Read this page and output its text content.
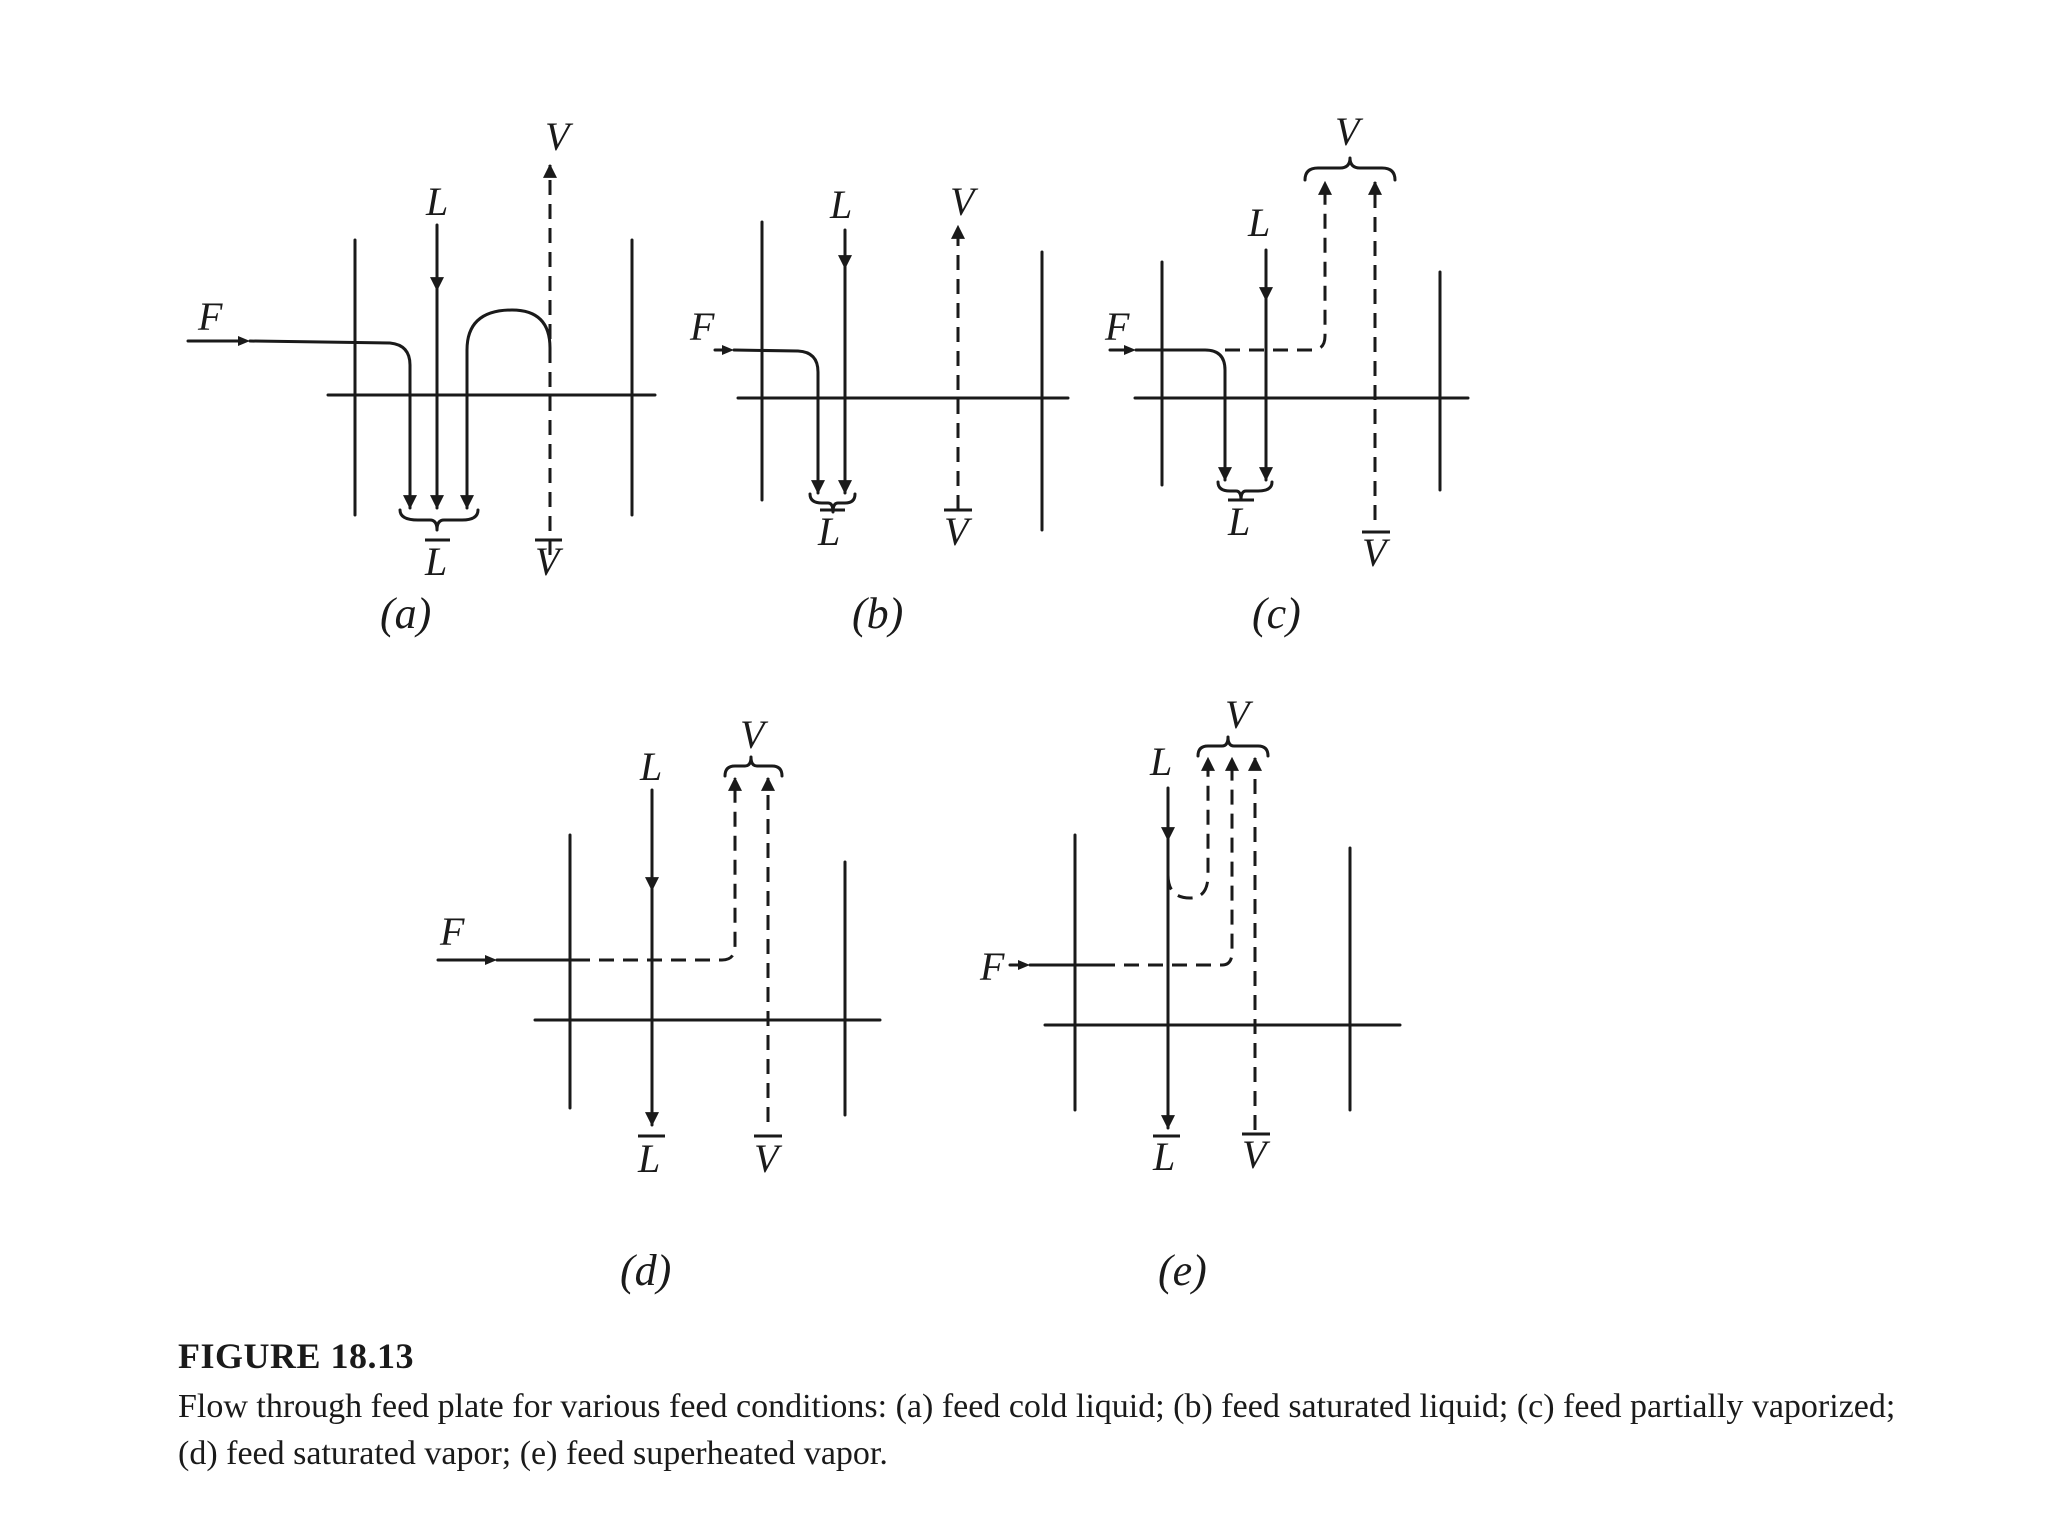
F
L
V
L V
(a)
F
L V
L	V
(b)
F
L
V
L
V
(c)
F
L
V
L V
(d)
F
L
V
L V
(e)
FIGURE 18.13
Flow through feed plate for various feed conditions: (a) feed cold liquid; (b) feed saturated liquid; (c) feed partially vaporized; (d) feed saturated vapor; (e) feed superheated vapor.
